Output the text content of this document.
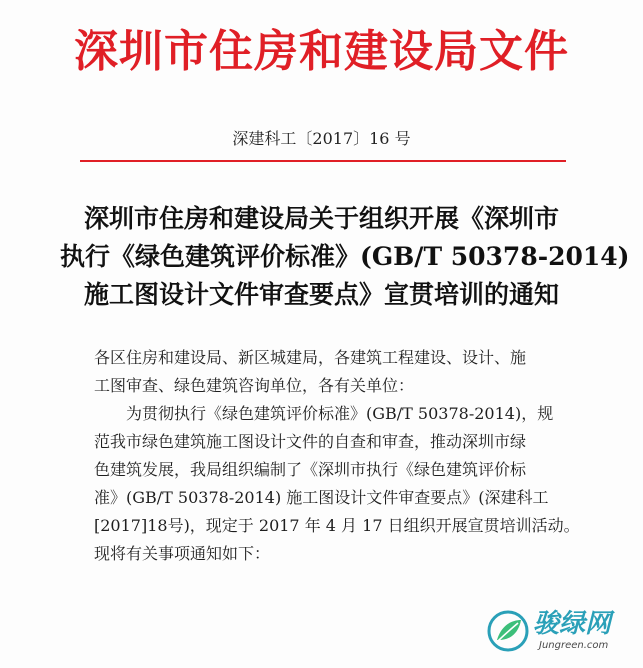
深圳市住房和建设局文件
深建科工〔2017〕16 号
深圳市住房和建设局关于组织开展《深圳市
执行《绿色建筑评价标准》(GB/T 50378-2014)
施工图设计文件审查要点》宣贯培训的通知

各区住房和建设局、新区城建局，各建筑工程建设、设计、施

工图审查、绿色建筑咨询单位，各有关单位：

　　为贯彻执行《绿色建筑评价标准》(GB/T 50378-2014)，规

范我市绿色建筑施工图设计文件的自查和审查，推动深圳市绿

色建筑发展，我局组织编制了《深圳市执行《绿色建筑评价标

准》(GB/T 50378-2014) 施工图设计文件审查要点》(深建科工

[2017]18号)，现定于 2017 年 4 月 17 日组织开展宣贯培训活动。

现将有关事项通知如下：

骏绿网
Jungreen.com
